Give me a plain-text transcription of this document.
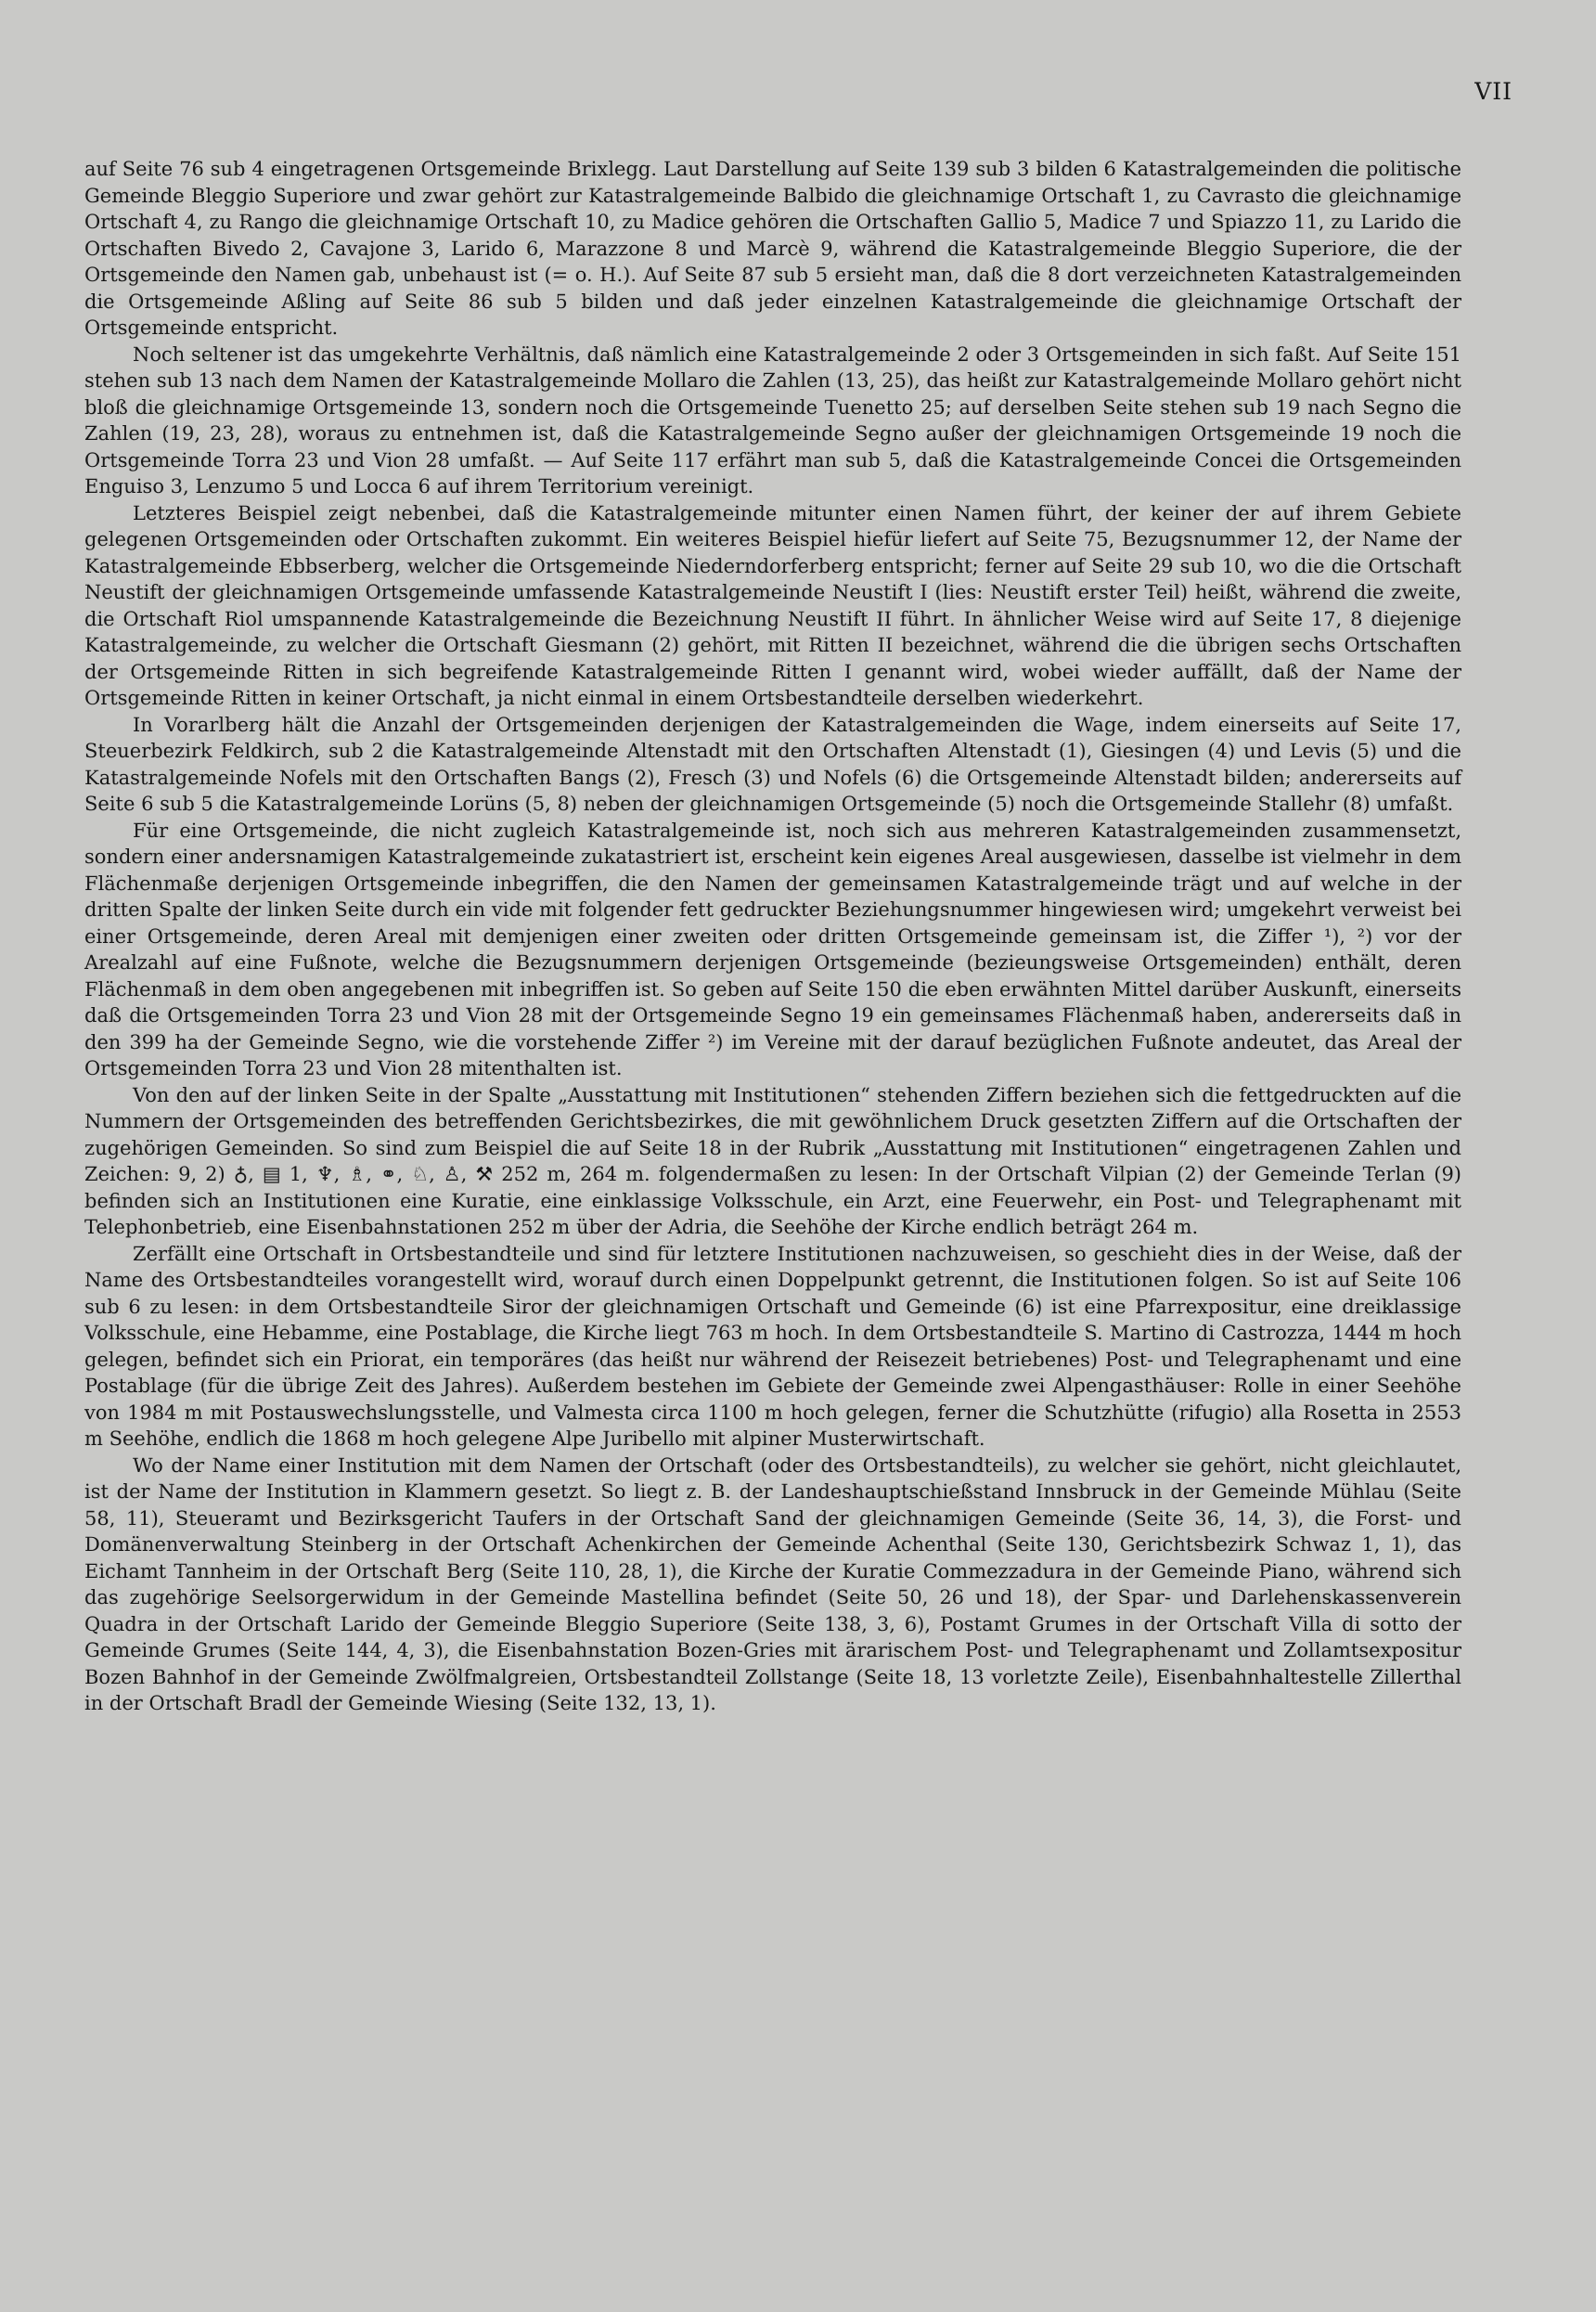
VII

auf Seite 76 sub 4 eingetragenen Ortsgemeinde Brixlegg. Laut Darstellung auf Seite 139 sub 3 bilden 6 Katastralgemeinden die politische Gemeinde Bleggio Superiore und zwar gehört zur Katastralgemeinde Balbido die gleichnamige Ortschaft 1, zu Cavrasto die gleichnamige Ortschaft 4, zu Rango die gleichnamige Ortschaft 10, zu Madice gehören die Ortschaften Gallio 5, Madice 7 und Spiazzo 11, zu Larido die Ortschaften Bivedo 2, Cavajone 3, Larido 6, Marazzone 8 und Marcè 9, während die Katastralgemeinde Bleggio Superiore, die der Ortsgemeinde den Namen gab, unbehaust ist (= o. H.). Auf Seite 87 sub 5 ersieht man, daß die 8 dort verzeichneten Katastralgemeinden die Ortsgemeinde Aßling auf Seite 86 sub 5 bilden und daß jeder einzelnen Katastralgemeinde die gleichnamige Ortschaft der Ortsgemeinde entspricht.

Noch seltener ist das umgekehrte Verhältnis, daß nämlich eine Katastralgemeinde 2 oder 3 Ortsgemeinden in sich faßt. Auf Seite 151 stehen sub 13 nach dem Namen der Katastralgemeinde Mollaro die Zahlen (13, 25), das heißt zur Katastralgemeinde Mollaro gehört nicht bloß die gleichnamige Ortsgemeinde 13, sondern noch die Ortsgemeinde Tuenetto 25; auf derselben Seite stehen sub 19 nach Segno die Zahlen (19, 23, 28), woraus zu entnehmen ist, daß die Katastralgemeinde Segno außer der gleichnamigen Ortsgemeinde 19 noch die Ortsgemeinde Torra 23 und Vion 28 umfaßt. — Auf Seite 117 erfährt man sub 5, daß die Katastralgemeinde Concei die Ortsgemeinden Enguiso 3, Lenzumo 5 und Locca 6 auf ihrem Territorium vereinigt.

Letzteres Beispiel zeigt nebenbei, daß die Katastralgemeinde mitunter einen Namen führt, der keiner der auf ihrem Gebiete gelegenen Ortsgemeinden oder Ortschaften zukommt. Ein weiteres Beispiel hiefür liefert auf Seite 75, Bezugsnummer 12, der Name der Katastralgemeinde Ebbserberg, welcher die Ortsgemeinde Niederndorferberg entspricht; ferner auf Seite 29 sub 10, wo die die Ortschaft Neustift der gleichnamigen Ortsgemeinde umfassende Katastralgemeinde Neustift I (lies: Neustift erster Teil) heißt, während die zweite, die Ortschaft Riol umspannende Katastralgemeinde die Bezeichnung Neustift II führt. In ähnlicher Weise wird auf Seite 17, 8 diejenige Katastralgemeinde, zu welcher die Ortschaft Giesmann (2) gehört, mit Ritten II bezeichnet, während die die übrigen sechs Ortschaften der Ortsgemeinde Ritten in sich begreifende Katastralgemeinde Ritten I genannt wird, wobei wieder auffällt, daß der Name der Ortsgemeinde Ritten in keiner Ortschaft, ja nicht einmal in einem Ortsbestandteile derselben wiederkehrt.

In Vorarlberg hält die Anzahl der Ortsgemeinden derjenigen der Katastralgemeinden die Wage, indem einerseits auf Seite 17, Steuerbezirk Feldkirch, sub 2 die Katastralgemeinde Altenstadt mit den Ortschaften Altenstadt (1), Giesingen (4) und Levis (5) und die Katastralgemeinde Nofels mit den Ortschaften Bangs (2), Fresch (3) und Nofels (6) die Ortsgemeinde Altenstadt bilden; andererseits auf Seite 6 sub 5 die Katastralgemeinde Lorüns (5, 8) neben der gleichnamigen Ortsgemeinde (5) noch die Ortsgemeinde Stallehr (8) umfaßt.

Für eine Ortsgemeinde, die nicht zugleich Katastralgemeinde ist, noch sich aus mehreren Katastralgemeinden zusammensetzt, sondern einer andersnamigen Katastralgemeinde zukatastriert ist, erscheint kein eigenes Areal ausgewiesen, dasselbe ist vielmehr in dem Flächenmaße derjenigen Ortsgemeinde inbegriffen, die den Namen der gemeinsamen Katastralgemeinde trägt und auf welche in der dritten Spalte der linken Seite durch ein vide mit folgender fett gedruckter Beziehungsnummer hingewiesen wird; umgekehrt verweist bei einer Ortsgemeinde, deren Areal mit demjenigen einer zweiten oder dritten Ortsgemeinde gemeinsam ist, die Ziffer ¹), ²) vor der Arealzahl auf eine Fußnote, welche die Bezugsnummern derjenigen Ortsgemeinde (bezieungsweise Ortsgemeinden) enthält, deren Flächenmaß in dem oben angegebenen mit inbegriffen ist. So geben auf Seite 150 die eben erwähnten Mittel darüber Auskunft, einerseits daß die Ortsgemeinden Torra 23 und Vion 28 mit der Ortsgemeinde Segno 19 ein gemeinsames Flächenmaß haben, andererseits daß in den 399 ha der Gemeinde Segno, wie die vorstehende Ziffer ²) im Vereine mit der darauf bezüglichen Fußnote andeutet, das Areal der Ortsgemeinden Torra 23 und Vion 28 mitenthalten ist.

Von den auf der linken Seite in der Spalte „Ausstattung mit Institutionen“ stehenden Ziffern beziehen sich die fettgedruckten auf die Nummern der Ortsgemeinden des betreffenden Gerichtsbezirkes, die mit gewöhnlichem Druck gesetzten Ziffern auf die Ortschaften der zugehörigen Gemeinden. So sind zum Beispiel die auf Seite 18 in der Rubrik „Ausstattung mit Institutionen“ eingetragenen Zahlen und Zeichen: 9, 2) ♁, ▤ 1, ♆, ♗, ⚭, ♘, ♙, ⚒ 252 m, 264 m. folgendermaßen zu lesen: In der Ortschaft Vilpian (2) der Gemeinde Terlan (9) befinden sich an Institutionen eine Kuratie, eine einklassige Volksschule, ein Arzt, eine Feuerwehr, ein Post- und Telegraphenamt mit Telephonbetrieb, eine Eisenbahnstationen 252 m über der Adria, die Seehöhe der Kirche endlich beträgt 264 m.

Zerfällt eine Ortschaft in Ortsbestandteile und sind für letztere Institutionen nachzuweisen, so geschieht dies in der Weise, daß der Name des Ortsbestandteiles vorangestellt wird, worauf durch einen Doppelpunkt getrennt, die Institutionen folgen. So ist auf Seite 106 sub 6 zu lesen: in dem Ortsbestandteile Siror der gleichnamigen Ortschaft und Gemeinde (6) ist eine Pfarrexpositur, eine dreiklassige Volksschule, eine Hebamme, eine Postablage, die Kirche liegt 763 m hoch. In dem Ortsbestandteile S. Martino di Castrozza, 1444 m hoch gelegen, befindet sich ein Priorat, ein temporäres (das heißt nur während der Reisezeit betriebenes) Post- und Telegraphenamt und eine Postablage (für die übrige Zeit des Jahres). Außerdem bestehen im Gebiete der Gemeinde zwei Alpengasthäuser: Rolle in einer Seehöhe von 1984 m mit Postauswechslungsstelle, und Valmesta circa 1100 m hoch gelegen, ferner die Schutzhütte (rifugio) alla Rosetta in 2553 m Seehöhe, endlich die 1868 m hoch gelegene Alpe Juribello mit alpiner Musterwirtschaft.

Wo der Name einer Institution mit dem Namen der Ortschaft (oder des Ortsbestandteils), zu welcher sie gehört, nicht gleichlautet, ist der Name der Institution in Klammern gesetzt. So liegt z. B. der Landeshauptschießstand Innsbruck in der Gemeinde Mühlau (Seite 58, 11), Steueramt und Bezirksgericht Taufers in der Ortschaft Sand der gleichnamigen Gemeinde (Seite 36, 14, 3), die Forst- und Domänenverwaltung Steinberg in der Ortschaft Achenkirchen der Gemeinde Achenthal (Seite 130, Gerichtsbezirk Schwaz 1, 1), das Eichamt Tannheim in der Ortschaft Berg (Seite 110, 28, 1), die Kirche der Kuratie Commezzadura in der Gemeinde Piano, während sich das zugehörige Seelsorgerwidum in der Gemeinde Mastellina befindet (Seite 50, 26 und 18), der Spar- und Darlehenskassenverein Quadra in der Ortschaft Larido der Gemeinde Bleggio Superiore (Seite 138, 3, 6), Postamt Grumes in der Ortschaft Villa di sotto der Gemeinde Grumes (Seite 144, 4, 3), die Eisenbahnstation Bozen-Gries mit ärarischem Post- und Telegraphenamt und Zollamtsexpositur Bozen Bahnhof in der Gemeinde Zwölfmalgreien, Ortsbestandteil Zollstange (Seite 18, 13 vorletzte Zeile), Eisenbahnhaltestelle Zillerthal in der Ortschaft Bradl der Gemeinde Wiesing (Seite 132, 13, 1).
